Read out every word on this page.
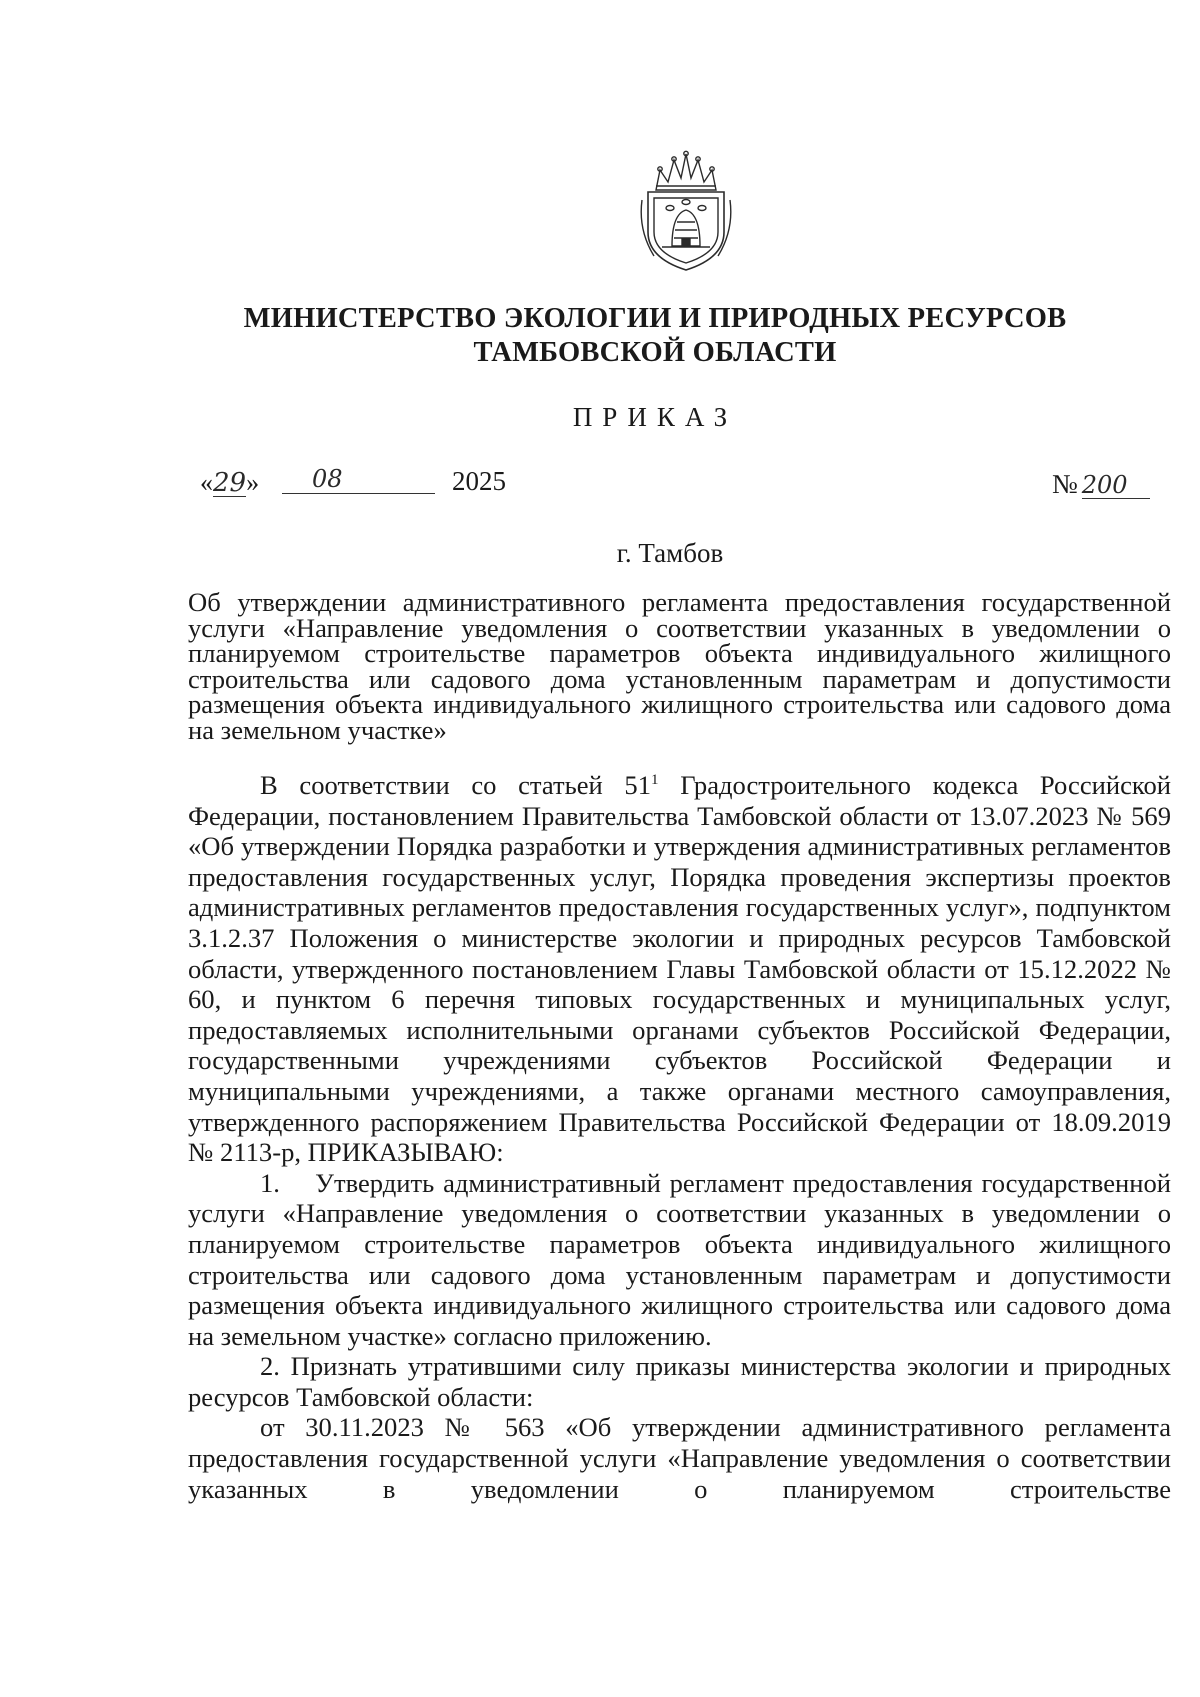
МИНИСТЕРСТВО ЭКОЛОГИИ И ПРИРОДНЫХ РЕСУРСОВ
ТАМБОВСКОЙ ОБЛАСТИ
ПРИКАЗ
«29»	08	2025	№ 200
г. Тамбов

Об утверждении административного регламента предоставления государственной услуги «Направление уведомления о соответствии указанных в уведомлении о планируемом строительстве параметров объекта индивидуального жилищного строительства или садового дома установленным параметрам и допустимости размещения объекта индивидуального жилищного строительства или садового дома на земельном участке»

В соответствии со статьей $51^1$ Градостроительного кодекса Российской Федерации, постановлением Правительства Тамбовской области от 13.07.2023 № 569 «Об утверждении Порядка разработки и утверждения административных регламентов предоставления государственных услуг, Порядка проведения экспертизы проектов административных регламентов предоставления государственных услуг», подпунктом 3.1.2.37 Положения о министерстве экологии и природных ресурсов Тамбовской области, утвержденного постановлением Главы Тамбовской области от 15.12.2022 № 60, и пунктом 6 перечня типовых государственных и муниципальных услуг, предоставляемых исполнительными органами субъектов Российской Федерации, государственными учреждениями субъектов Российской Федерации и муниципальными учреждениями, а также органами местного самоуправления, утвержденного распоряжением Правительства Российской Федерации от 18.09.2019 № 2113-р, ПРИКАЗЫВАЮ:

1.    Утвердить административный регламент предоставления государственной услуги «Направление уведомления о соответствии указанных в уведомлении о планируемом строительстве параметров объекта индивидуального жилищного строительства или садового дома установленным параметрам и допустимости размещения объекта индивидуального жилищного строительства или садового дома на земельном участке» согласно приложению.

2. Признать утратившими силу приказы министерства экологии и природных ресурсов Тамбовской области:

от 30.11.2023 № 563 «Об утверждении административного регламента предоставления государственной услуги «Направление уведомления о соответствии указанных в уведомлении о планируемом строительстве
